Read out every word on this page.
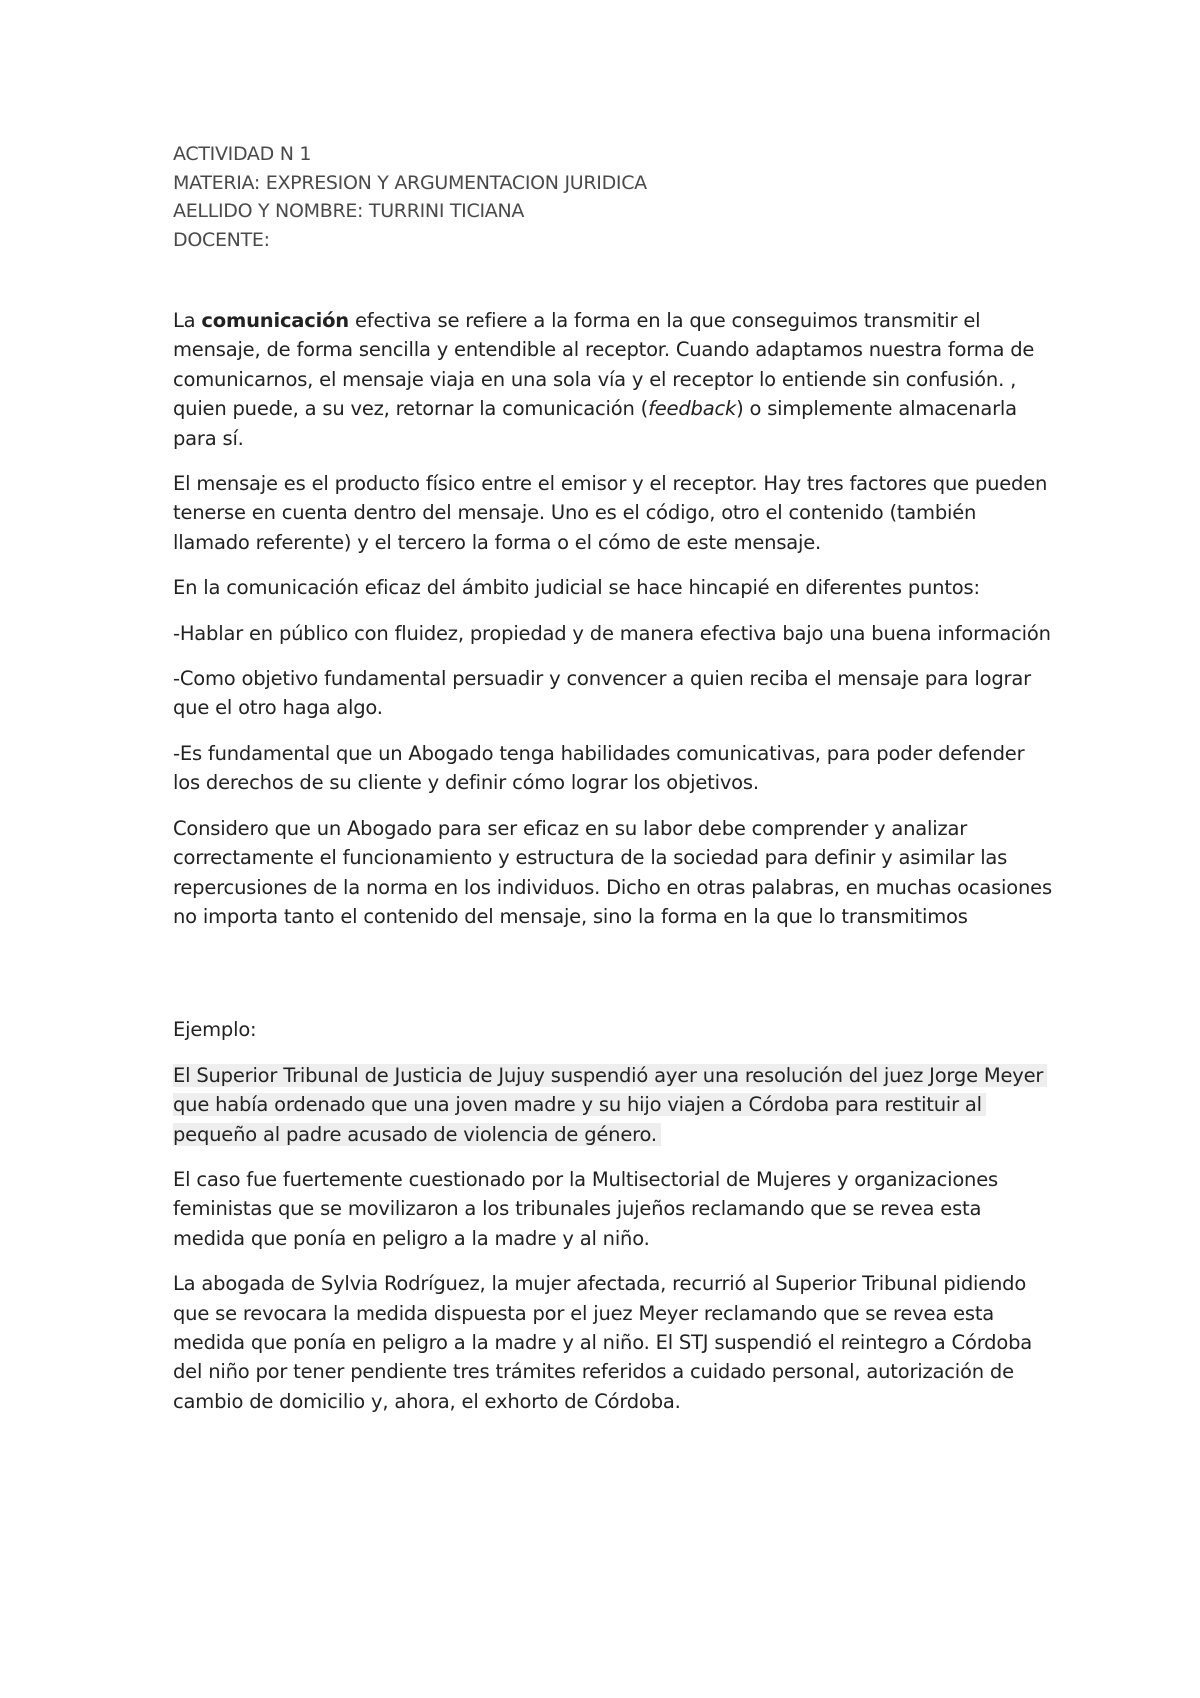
ACTIVIDAD N 1

MATERIA: EXPRESION Y ARGUMENTACION JURIDICA

AELLIDO Y NOMBRE: TURRINI TICIANA

DOCENTE:

La comunicación efectiva se refiere a la forma en la que conseguimos transmitir el mensaje, de forma sencilla y entendible al receptor. Cuando adaptamos nuestra forma de comunicarnos, el mensaje viaja en una sola vía y el receptor lo entiende sin confusión. , quien puede, a su vez, retornar la comunicación (feedback) o simplemente almacenarla para sí.

El mensaje es el producto físico entre el emisor y el receptor. Hay tres factores que pueden tenerse en cuenta dentro del mensaje. Uno es el código, otro el contenido (también llamado referente) y el tercero la forma o el cómo de este mensaje.

En la comunicación eficaz del ámbito judicial se hace hincapié en diferentes puntos:

-Hablar en público con fluidez, propiedad y de manera efectiva bajo una buena información

-Como objetivo fundamental persuadir y convencer a quien reciba el mensaje para lograr que el otro haga algo.

-Es fundamental que un Abogado tenga habilidades comunicativas, para poder defender los derechos de su cliente y definir cómo lograr los objetivos.

Considero que un Abogado para ser eficaz en su labor debe comprender y analizar correctamente el funcionamiento y estructura de la sociedad para definir y asimilar las repercusiones de la norma en los individuos. Dicho en otras palabras, en muchas ocasiones no importa tanto el contenido del mensaje, sino la forma en la que lo transmitimos

Ejemplo:

El Superior Tribunal de Justicia de Jujuy suspendió ayer una resolución del juez Jorge Meyer que había ordenado que una joven madre y su hijo viajen a Córdoba para restituir al pequeño al padre acusado de violencia de género.

El caso fue fuertemente cuestionado por la Multisectorial de Mujeres y organizaciones feministas que se movilizaron a los tribunales jujeños reclamando que se revea esta medida que ponía en peligro a la madre y al niño.

La abogada de Sylvia Rodríguez, la mujer afectada, recurrió al Superior Tribunal pidiendo que se revocara la medida dispuesta por el juez Meyer reclamando que se revea esta medida que ponía en peligro a la madre y al niño. El STJ suspendió el reintegro a Córdoba del niño por tener pendiente tres trámites referidos a cuidado personal, autorización de cambio de domicilio y, ahora, el exhorto de Córdoba.
